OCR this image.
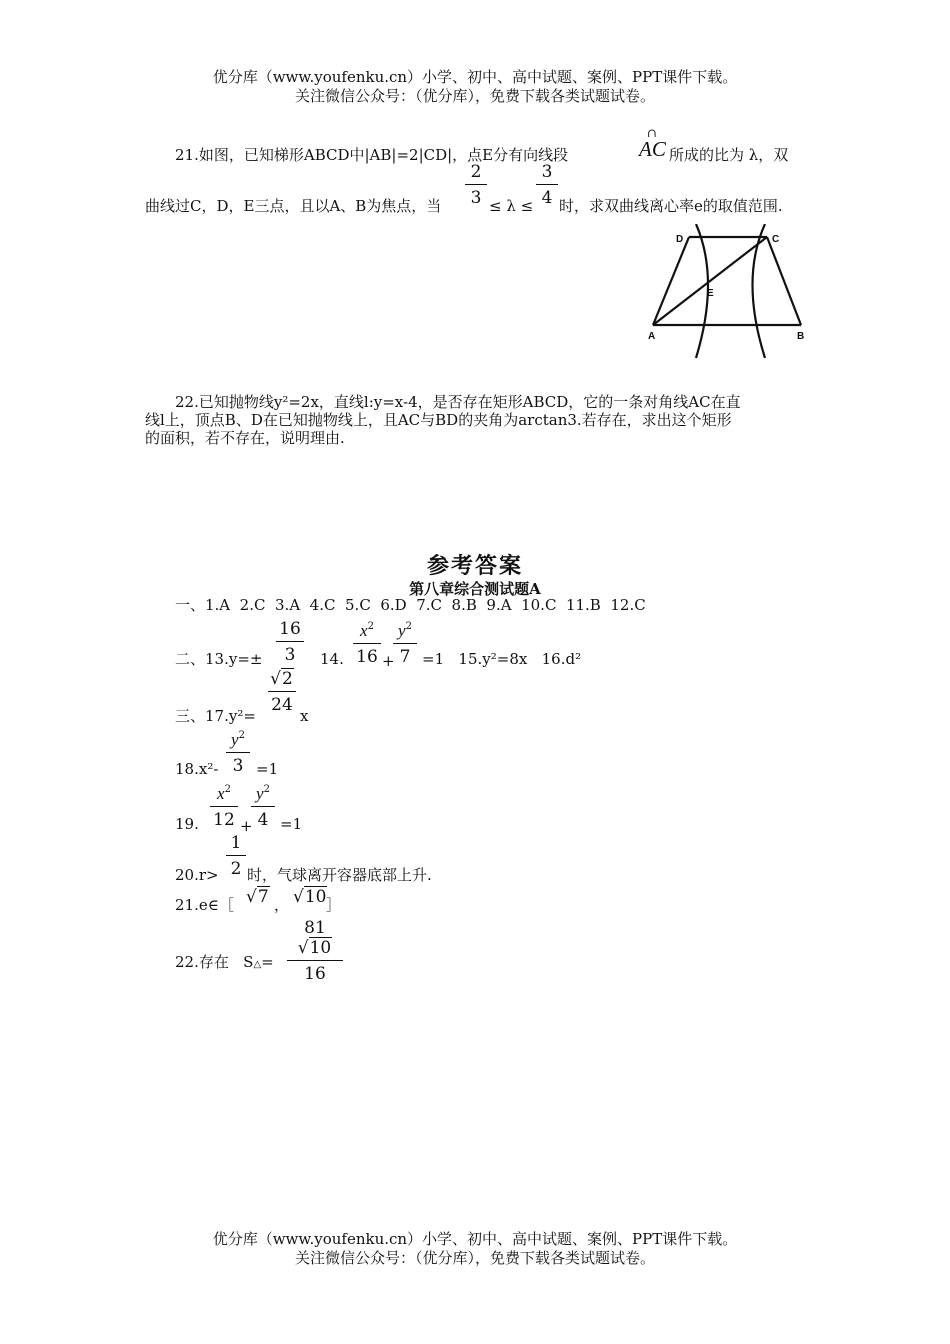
优分库（www.youfenku.cn）小学、初中、高中试题、案例、PPT课件下载。
关注微信公众号：（优分库），免费下载各类试题试卷。
21.如图，已知梯形ABCD中|AB|=2|CD|，点E分有向线段
∩
AC 所成的比为 λ，双
曲线过C，D，E三点，且以A、B为焦点，当
2
3 ≤ λ ≤
3
4 时，求双曲线离心率e的取值范围.
D	C
E
A	B
22.已知抛物线y²=2x，直线l:y=x-4，是否存在矩形ABCD，它的一条对角线AC在直
线l上，顶点B、D在已知抛物线上，且AC与BD的夹角为arctan3.若存在，求出这个矩形
的面积，若不存在，说明理由.
参考答案
第八章综合测试题A
一、1.A  2.C  3.A  4.C  5.C  6.D  7.C  8.B  9.A  10.C  11.B  12.C
二、13.y=±
16
3	14.
$x^2$
16 +
$y^2$
7 =1   15.y²=8x   16.d²
三、17.y²=
√2
24
x
18.x²-
$y^2$
3 =1
19.
$x^2$
12 +
$y^2$
4 =1
20.r>
1
2 时，气球离开容器底部上升.
21.e∈［ √7 ， √10 ］
22.存在   S△=
81√10
16
优分库（www.youfenku.cn）小学、初中、高中试题、案例、PPT课件下载。
关注微信公众号：（优分库），免费下载各类试题试卷。
